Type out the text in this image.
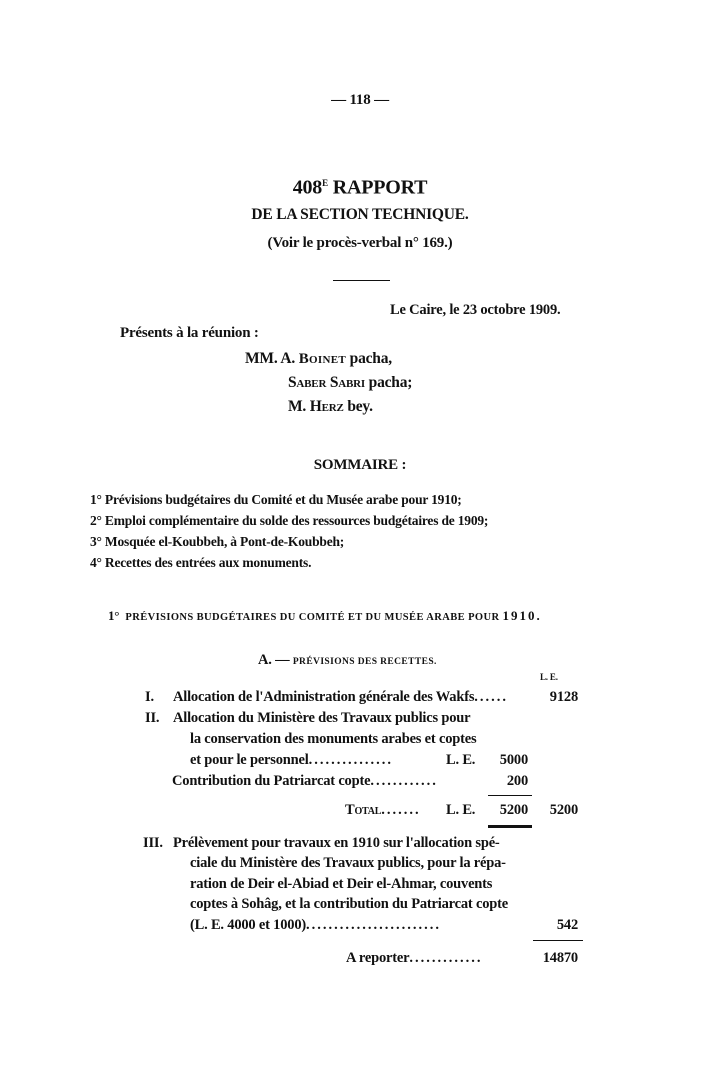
— 118 —
$408^E$ RAPPORT
DE LA SECTION TECHNIQUE.
(Voir le procès-verbal n° 169.)
Le Caire, le 23 octobre 1909.
Présents à la réunion :
MM. A. Boinet pacha,
Saber Sabri pacha;
M. Herz bey.
SOMMAIRE :
1° Prévisions budgétaires du Comité et du Musée arabe pour 1910;
2° Emploi complémentaire du solde des ressources budgétaires de 1909;
3° Mosquée el-Koubbeh, à Pont-de-Koubbeh;
4° Recettes des entrées aux monuments.
1° PRÉVISIONS BUDGÉTAIRES DU COMITÉ ET DU MUSÉE ARABE POUR 1910.
A. — PRÉVISIONS DES RECETTES.
L. E.
I. Allocation de l'Administration générale des Wakfs......	9128
II. Allocation du Ministère des Travaux publics pour
la conservation des monuments arabes et coptes
et pour le personnel...............	L. E.	5000
Contribution du Patriarcat copte............	200
Total....... L. E.	5200	5200
III. Prélèvement pour travaux en 1910 sur l'allocation spé-
ciale du Ministère des Travaux publics, pour la répa-
ration de Deir el-Abiad et Deir el-Ahmar, couvents
coptes à Sohâg, et la contribution du Patriarcat copte
(L. E. 4000 et 1000)........................	542
A reporter.............	14870
